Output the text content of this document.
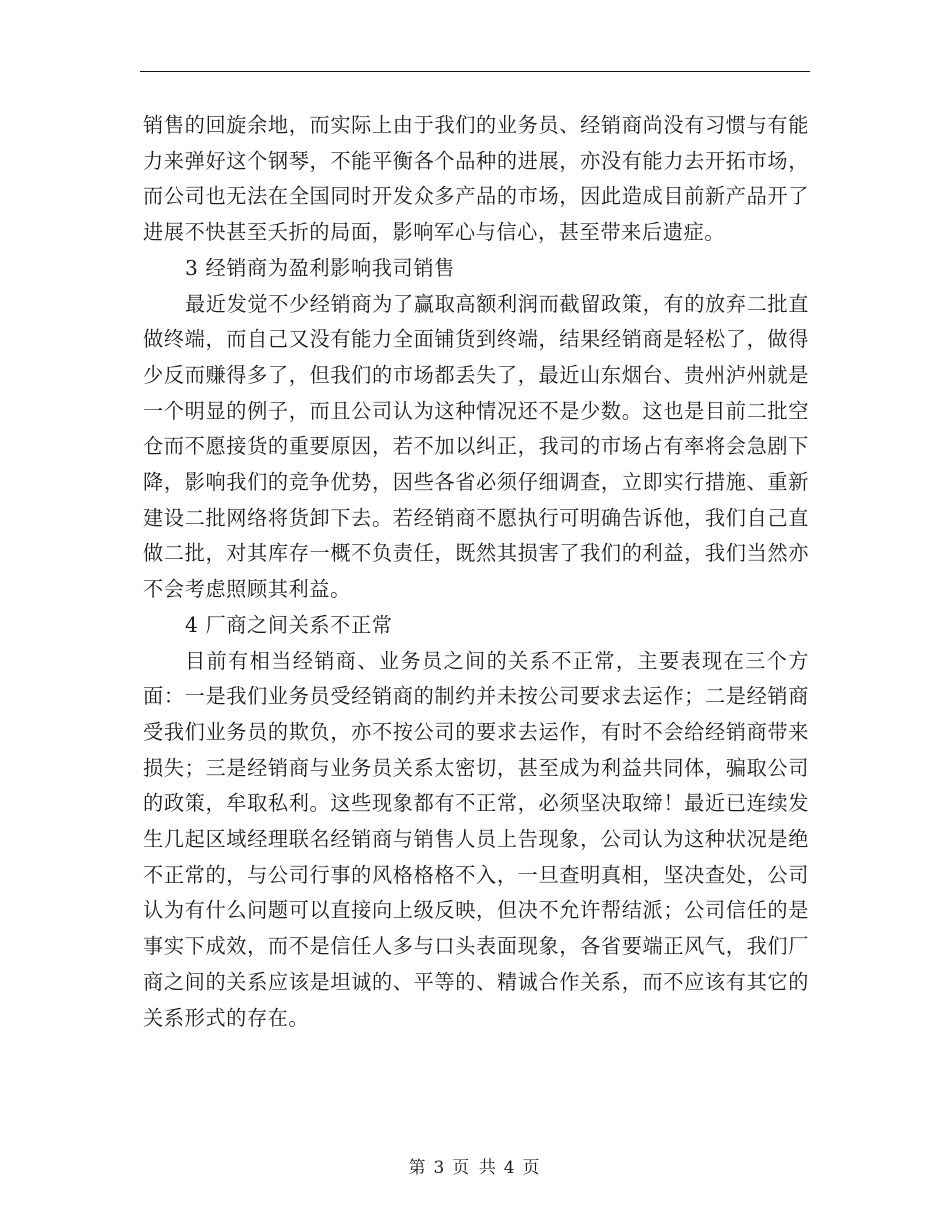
销售的回旋余地，而实际上由于我们的业务员、经销商尚没有习惯与有能力来弹好这个钢琴，不能平衡各个品种的进展，亦没有能力去开拓市场，而公司也无法在全国同时开发众多产品的市场，因此造成目前新产品开了进展不快甚至夭折的局面，影响军心与信心，甚至带来后遗症。

3 经销商为盈利影响我司销售

最近发觉不少经销商为了赢取高额利润而截留政策，有的放弃二批直做终端，而自己又没有能力全面铺货到终端，结果经销商是轻松了，做得少反而赚得多了，但我们的市场都丢失了，最近山东烟台、贵州泸州就是一个明显的例子，而且公司认为这种情况还不是少数。这也是目前二批空仓而不愿接货的重要原因，若不加以纠正，我司的市场占有率将会急剧下降，影响我们的竞争优势，因些各省必须仔细调查，立即实行措施、重新建设二批网络将货卸下去。若经销商不愿执行可明确告诉他，我们自己直做二批，对其库存一概不负责任，既然其损害了我们的利益，我们当然亦不会考虑照顾其利益。

4 厂商之间关系不正常

目前有相当经销商、业务员之间的关系不正常，主要表现在三个方面：一是我们业务员受经销商的制约并未按公司要求去运作；二是经销商受我们业务员的欺负，亦不按公司的要求去运作，有时不会给经销商带来损失；三是经销商与业务员关系太密切，甚至成为利益共同体，骗取公司的政策，牟取私利。这些现象都有不正常，必须坚决取缔！最近已连续发生几起区域经理联名经销商与销售人员上告现象，公司认为这种状况是绝不正常的，与公司行事的风格格格不入，一旦查明真相，坚决查处，公司认为有什么问题可以直接向上级反映，但决不允许帮结派；公司信任的是事实下成效，而不是信任人多与口头表面现象，各省要端正风气，我们厂商之间的关系应该是坦诚的、平等的、精诚合作关系，而不应该有其它的关系形式的存在。

第 3 页 共 4 页
